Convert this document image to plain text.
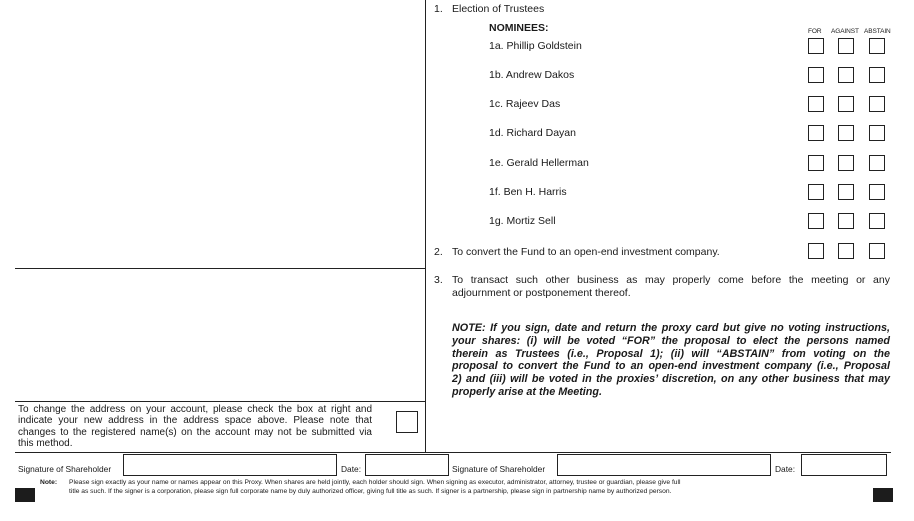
1. Election of Trustees
NOMINEES:	FOR AGAINST ABSTAIN
1a. Phillip Goldstein
1b. Andrew Dakos
1c. Rajeev Das
1d. Richard Dayan
1e. Gerald Hellerman
1f. Ben H. Harris
1g. Mortiz Sell
2. To convert the Fund to an open-end investment company.
3. To transact such other business as may properly come before the meeting or any
adjournment or postponement thereof.
NOTE: If you sign, date and return the proxy card but give no voting instructions,
your shares: (i) will be voted “FOR” the proposal to elect the persons named
therein as Trustees (i.e., Proposal 1); (ii) will “ABSTAIN” from voting on the
proposal to convert the Fund to an open-end investment company (i.e., Proposal
2) and (iii) will be voted in the proxies’ discretion, on any other business that may
properly arise at the Meeting.
To change the address on your account, please check the box at right and
indicate your new address in the address space above. Please note that
changes to the registered name(s) on the account may not be submitted via
this method.
Signature of Shareholder	Date:	Signature of Shareholder	Date:
Note: Please sign exactly as your name or names appear on this Proxy. When shares are held jointly, each holder should sign. When signing as executor, administrator, attorney, trustee or guardian, please give full
title as such. If the signer is a corporation, please sign full corporate name by duly authorized officer, giving full title as such. If signer is a partnership, please sign in partnership name by authorized person.
